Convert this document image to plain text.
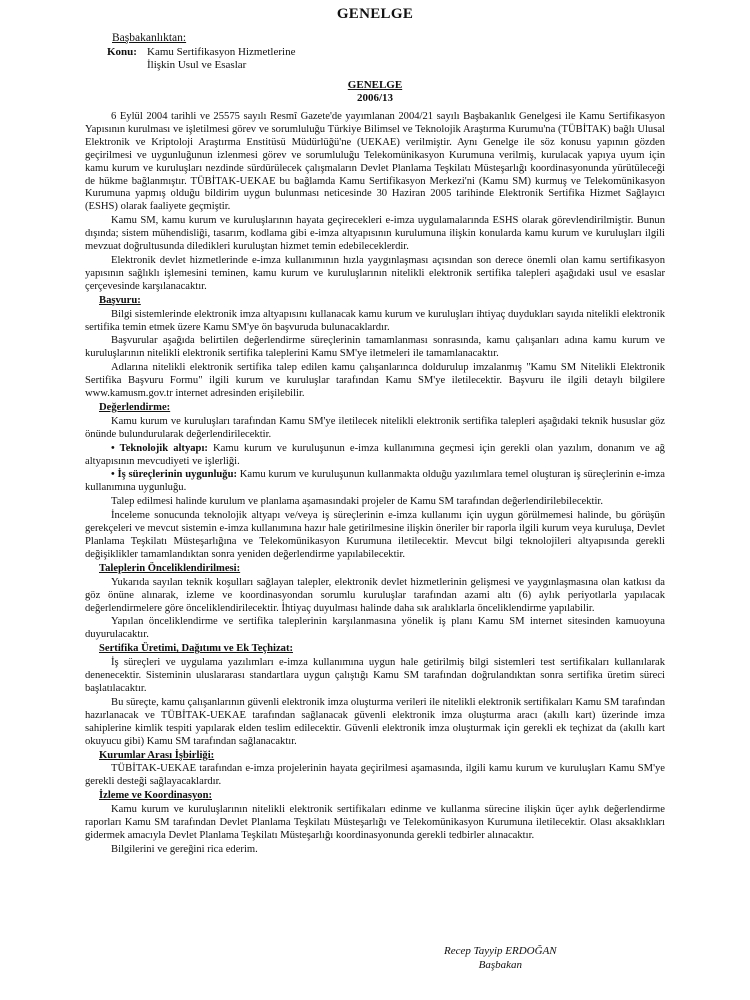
GENELGE
Başbakanlıktan:
Konu: Kamu Sertifikasyon Hizmetlerine
İlişkin Usul ve Esaslar
GENELGE
2006/13

6 Eylül 2004 tarihli ve 25575 sayılı Resmî Gazete'de yayımlanan 2004/21 sayılı Başbakanlık Genelgesi ile Kamu Sertifikasyon Yapısının kurulması ve işletilmesi görev ve sorumluluğu Türkiye Bilimsel ve Teknolojik Araştırma Kurumu'na (TÜBİTAK) bağlı Ulusal Elektronik ve Kriptoloji Araştırma Enstitüsü Müdürlüğü'ne (UEKAE) verilmiştir. Aynı Genelge ile söz konusu yapının gözden geçirilmesi ve uygunluğunun izlenmesi görev ve sorumluluğu Telekomünikasyon Kurumuna verilmiş, kurulacak yapıya uyum için kamu kurum ve kuruluşları nezdinde sürdürülecek çalışmaların Devlet Planlama Teşkilatı Müsteşarlığı koordinasyonunda yürütüleceği de hükme bağlanmıştır. TÜBİTAK-UEKAE bu bağlamda Kamu Sertifikasyon Merkezi'ni (Kamu SM) kurmuş ve Telekomünikasyon Kurumuna yapmış olduğu bildirim uygun bulunması neticesinde 30 Haziran 2005 tarihinde Elektronik Sertifika Hizmet Sağlayıcı (ESHS) olarak faaliyete geçmiştir.

Kamu SM, kamu kurum ve kuruluşlarının hayata geçirecekleri e-imza uygulamalarında ESHS olarak görevlendirilmiştir. Bunun dışında; sistem mühendisliği, tasarım, kodlama gibi e-imza altyapısının kurulumuna ilişkin konularda kamu kurum ve kuruluşları ilgili mevzuat doğrultusunda diledikleri kuruluştan hizmet temin edebileceklerdir.

Elektronik devlet hizmetlerinde e-imza kullanımının hızla yaygınlaşması açısından son derece önemli olan kamu sertifikasyon yapısının sağlıklı işlemesini teminen, kamu kurum ve kuruluşlarının nitelikli elektronik sertifika talepleri aşağıdaki usul ve esaslar çerçevesinde karşılanacaktır.

Başvuru:

Bilgi sistemlerinde elektronik imza altyapısını kullanacak kamu kurum ve kuruluşları ihtiyaç duydukları sayıda nitelikli elektronik sertifika temin etmek üzere Kamu SM'ye ön başvuruda bulunacaklardır.

Başvurular aşağıda belirtilen değerlendirme süreçlerinin tamamlanması sonrasında, kamu çalışanları adına kamu kurum ve kuruluşlarının nitelikli elektronik sertifika taleplerini Kamu SM'ye iletmeleri ile tamamlanacaktır.

Adlarına nitelikli elektronik sertifika talep edilen kamu çalışanlarınca doldurulup imzalanmış "Kamu SM Nitelikli Elektronik Sertifika Başvuru Formu" ilgili kurum ve kuruluşlar tarafından Kamu SM'ye iletilecektir. Başvuru ile ilgili detaylı bilgilere www.kamusm.gov.tr internet adresinden erişilebilir.

Değerlendirme:

Kamu kurum ve kuruluşları tarafından Kamu SM'ye iletilecek nitelikli elektronik sertifika talepleri aşağıdaki teknik hususlar göz önünde bulundurularak değerlendirilecektir.

• Teknolojik altyapı: Kamu kurum ve kuruluşunun e-imza kullanımına geçmesi için gerekli olan yazılım, donanım ve ağ altyapısının mevcudiyeti ve işlerliği.

• İş süreçlerinin uygunluğu: Kamu kurum ve kuruluşunun kullanmakta olduğu yazılımlara temel oluşturan iş süreçlerinin e-imza kullanımına uygunluğu.

Talep edilmesi halinde kurulum ve planlama aşamasındaki projeler de Kamu SM tarafından değerlendirilebilecektir.

İnceleme sonucunda teknolojik altyapı ve/veya iş süreçlerinin e-imza kullanımı için uygun görülmemesi halinde, bu görüşün gerekçeleri ve mevcut sistemin e-imza kullanımına hazır hale getirilmesine ilişkin öneriler bir raporla ilgili kurum veya kuruluşa, Devlet Planlama Teşkilatı Müsteşarlığına ve Telekomünikasyon Kurumuna iletilecektir. Mevcut bilgi teknolojileri altyapısında gerekli değişiklikler tamamlandıktan sonra yeniden değerlendirme yapılabilecektir.

Taleplerin Önceliklendirilmesi:

Yukarıda sayılan teknik koşulları sağlayan talepler, elektronik devlet hizmetlerinin gelişmesi ve yaygınlaşmasına olan katkısı da göz önüne alınarak, izleme ve koordinasyondan sorumlu kuruluşlar tarafından azami altı (6) aylık periyotlarla yapılacak değerlendirmelere göre önceliklendirilecektir. İhtiyaç duyulması halinde daha sık aralıklarla önceliklendirme yapılabilir.

Yapılan önceliklendirme ve sertifika taleplerinin karşılanmasına yönelik iş planı Kamu SM internet sitesinden kamuoyuna duyurulacaktır.

Sertifika Üretimi, Dağıtımı ve Ek Teçhizat:

İş süreçleri ve uygulama yazılımları e-imza kullanımına uygun hale getirilmiş bilgi sistemleri test sertifikaları kullanılarak denenecektir. Sisteminin uluslararası standartlara uygun çalıştığı Kamu SM tarafından doğrulandıktan sonra sertifika üretim süreci başlatılacaktır.

Bu süreçte, kamu çalışanlarının güvenli elektronik imza oluşturma verileri ile nitelikli elektronik sertifikaları Kamu SM tarafından hazırlanacak ve TÜBİTAK-UEKAE tarafından sağlanacak güvenli elektronik imza oluşturma aracı (akıllı kart) üzerinde imza sahiplerine kimlik tespiti yapılarak elden teslim edilecektir. Güvenli elektronik imza oluşturmak için gerekli ek teçhizat da (akıllı kart okuyucu gibi) Kamu SM tarafından sağlanacaktır.

Kurumlar Arası İşbirliği:

TÜBİTAK-UEKAE tarafından e-imza projelerinin hayata geçirilmesi aşamasında, ilgili kamu kurum ve kuruluşları Kamu SM'ye gerekli desteği sağlayacaklardır.

İzleme ve Koordinasyon:

Kamu kurum ve kuruluşlarının nitelikli elektronik sertifikaları edinme ve kullanma sürecine ilişkin üçer aylık değerlendirme raporları Kamu SM tarafından Devlet Planlama Teşkilatı Müsteşarlığı ve Telekomünikasyon Kurumuna iletilecektir. Olası aksaklıkları gidermek amacıyla Devlet Planlama Teşkilatı Müsteşarlığı koordinasyonunda gerekli tedbirler alınacaktır.

Bilgilerini ve gereğini rica ederim.

Recep Tayyip ERDOĞAN
Başbakan
